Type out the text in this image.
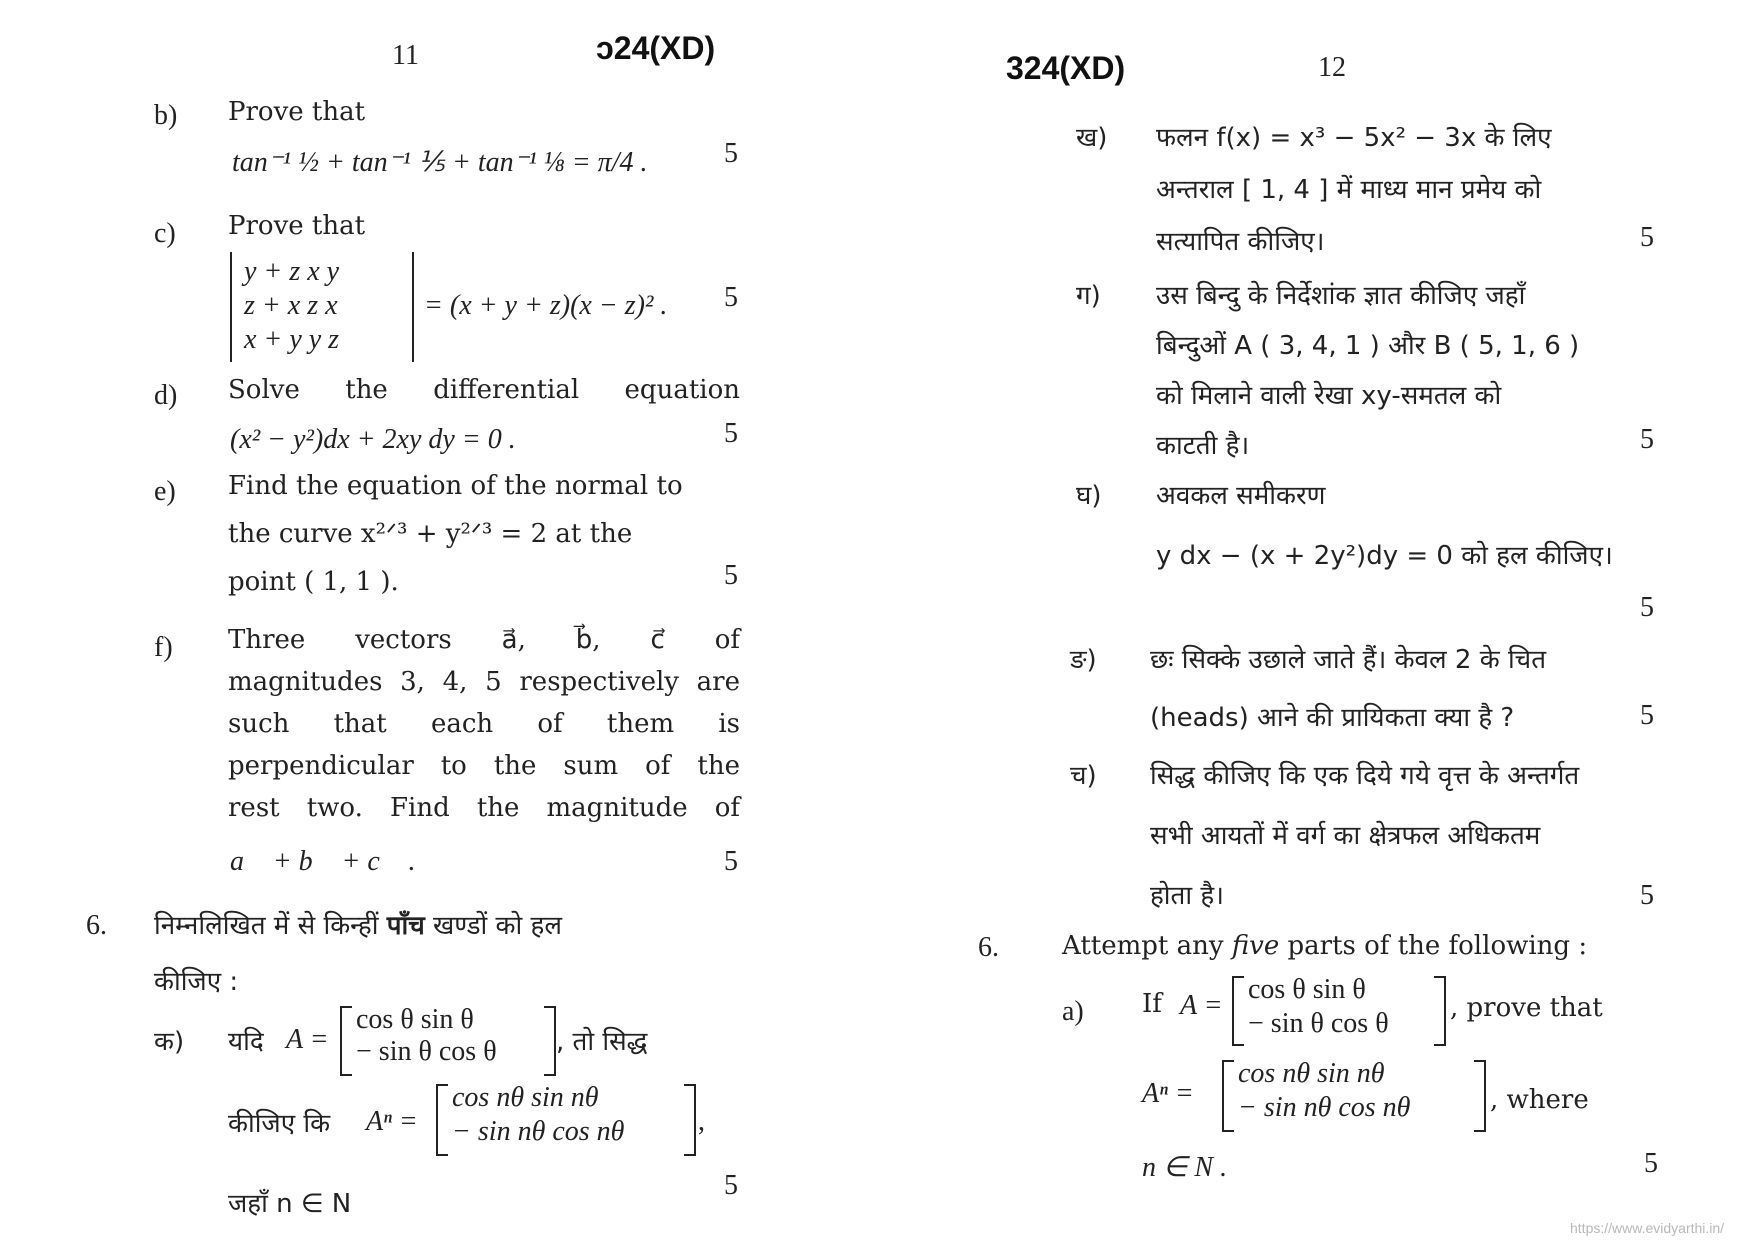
11	ɔ24(XD)
b) Prove that
tan⁻¹ ½ + tan⁻¹ ⅕ + tan⁻¹ ⅛ = π/4 .	5
c) Prove that
y + z x y
z + x z x
x + y y z
= (x + y + z)(x − z)² . 5
d) Solve the differential equation
(x² − y²)dx + 2xy dy = 0 .	5
e) Find the equation of the normal to
the curve x²ᐟ³ + y²ᐟ³ = 2 at the
point ( 1, 1 ).	5
f) Three vectors a⃗, b⃗, c⃗ of
magnitudes 3, 4, 5 respectively are
such that each of them is
perpendicular to the sum of the
rest two. Find the magnitude of
a⃗ + b⃗ + c⃗ .	5
6. निम्नलिखित में से किन्हीं पाँच खण्डों को हल
कीजिए :
क) यदि A =
cos θ sin θ
− sin θ cos θ , तो सिद्ध
कीजिए कि Aⁿ =
cos nθ sin nθ
− sin nθ cos nθ	,
जहाँ n ∈ N
5
324(XD)	12
ख) फलन f(x) = x³ − 5x² − 3x के लिए
अन्तराल [ 1, 4 ] में माध्य मान प्रमेय को
सत्यापित कीजिए।	5
ग) उस बिन्दु के निर्देशांक ज्ञात कीजिए जहाँ
बिन्दुओं A ( 3, 4, 1 ) और B ( 5, 1, 6 )
को मिलाने वाली रेखा xy-समतल को
काटती है।	5
घ) अवकल समीकरण
y dx − (x + 2y²)dy = 0 को हल कीजिए।
5
ङ) छः सिक्के उछाले जाते हैं। केवल 2 के चित
(heads) आने की प्रायिकता क्या है ?	5
च) सिद्ध कीजिए कि एक दिये गये वृत्त के अन्तर्गत
सभी आयतों में वर्ग का क्षेत्रफल अधिकतम
होता है।	5
6. Attempt any five parts of the following :
a) If A =
cos θ sin θ
− sin θ cos θ , prove that
Aⁿ =
cos nθ sin nθ
− sin nθ cos nθ	, where
n ∈ N .	5
https://www.evidyarthi.in/
